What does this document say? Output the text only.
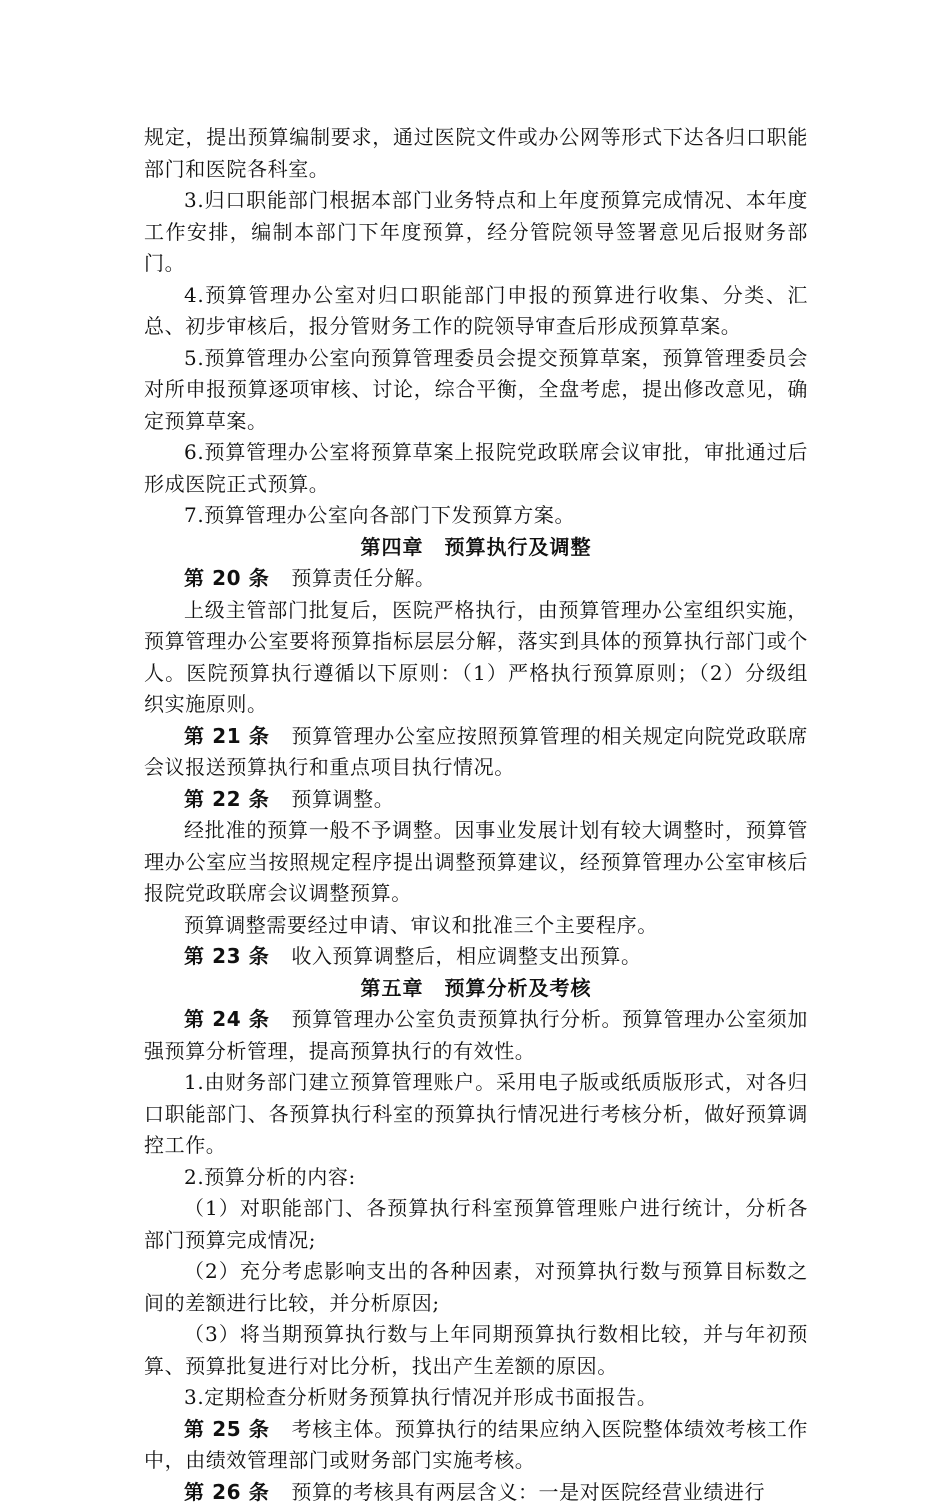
规定，提出预算编制要求，通过医院文件或办公网等形式下达各归口职能部门和医院各科室。

3.归口职能部门根据本部门业务特点和上年度预算完成情况、本年度工作安排，编制本部门下年度预算，经分管院领导签署意见后报财务部门。

4.预算管理办公室对归口职能部门申报的预算进行收集、分类、汇总、初步审核后，报分管财务工作的院领导审查后形成预算草案。

5.预算管理办公室向预算管理委员会提交预算草案，预算管理委员会对所申报预算逐项审核、讨论，综合平衡，全盘考虑，提出修改意见，确定预算草案。

6.预算管理办公室将预算草案上报院党政联席会议审批，审批通过后形成医院正式预算。

7.预算管理办公室向各部门下发预算方案。

第四章　预算执行及调整

第 20 条 预算责任分解。

上级主管部门批复后，医院严格执行，由预算管理办公室组织实施，预算管理办公室要将预算指标层层分解，落实到具体的预算执行部门或个人。医院预算执行遵循以下原则：（1）严格执行预算原则；（2）分级组织实施原则。

第 21 条 预算管理办公室应按照预算管理的相关规定向院党政联席会议报送预算执行和重点项目执行情况。

第 22 条 预算调整。

经批准的预算一般不予调整。因事业发展计划有较大调整时，预算管理办公室应当按照规定程序提出调整预算建议，经预算管理办公室审核后报院党政联席会议调整预算。

预算调整需要经过申请、审议和批准三个主要程序。

第 23 条 收入预算调整后，相应调整支出预算。

第五章　预算分析及考核

第 24 条 预算管理办公室负责预算执行分析。预算管理办公室须加强预算分析管理，提高预算执行的有效性。

1.由财务部门建立预算管理账户。采用电子版或纸质版形式，对各归口职能部门、各预算执行科室的预算执行情况进行考核分析，做好预算调控工作。

2.预算分析的内容:

（1）对职能部门、各预算执行科室预算管理账户进行统计，分析各部门预算完成情况;

（2）充分考虑影响支出的各种因素，对预算执行数与预算目标数之间的差额进行比较，并分析原因;

（3）将当期预算执行数与上年同期预算执行数相比较，并与年初预算、预算批复进行对比分析，找出产生差额的原因。

3.定期检查分析财务预算执行情况并形成书面报告。

第 25 条 考核主体。预算执行的结果应纳入医院整体绩效考核工作中，由绩效管理部门或财务部门实施考核。

第 26 条 预算的考核具有两层含义：一是对医院经营业绩进行
